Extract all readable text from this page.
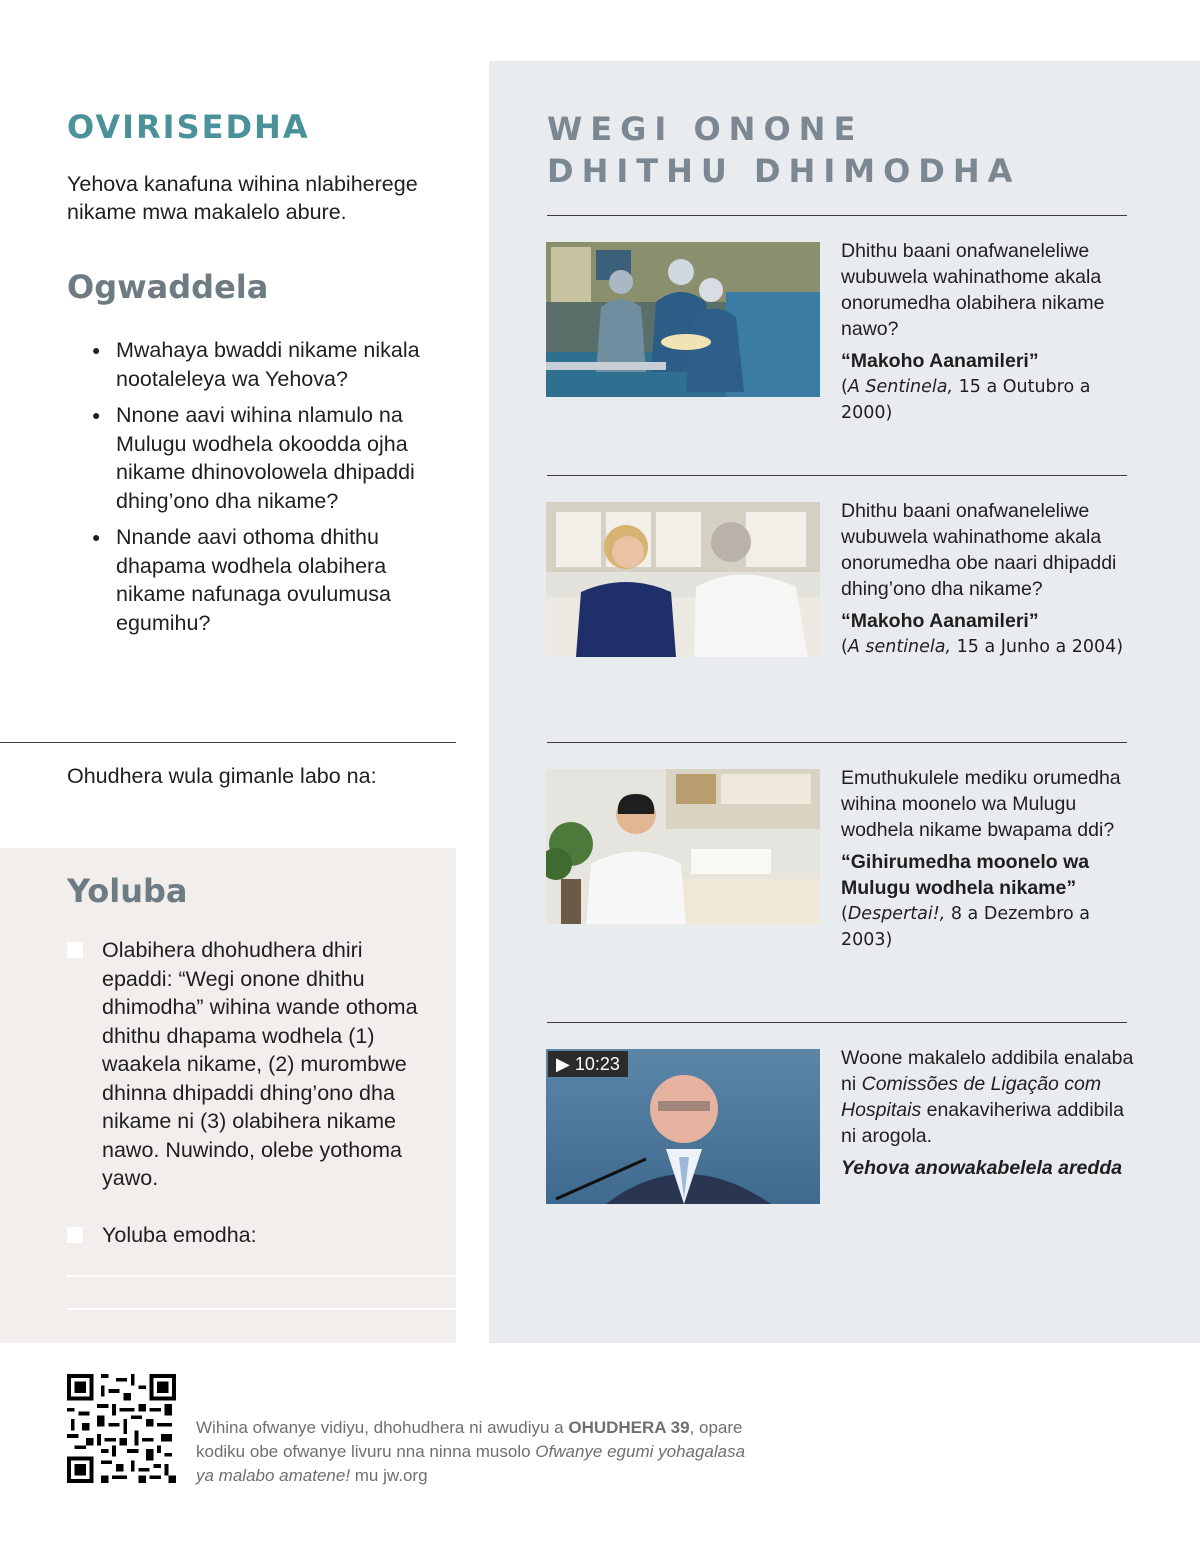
WEGI ONONE
DHITHU DHIMODHA
Dhithu baani onafwaneleliwe wubuwela wahinathome akala onorumedha olabihera nikame nawo?
“Makoho Aanamileri”
(A Sentinela, 15 a Outubro a 2000)
Dhithu baani onafwaneleliwe wubuwela wahinathome akala onorumedha obe naari dhipaddi dhing’ono dha nikame?
“Makoho Aanamileri”
(A sentinela, 15 a Junho a 2004)
Emuthukulele mediku orumedha wihina moonelo wa Mulugu wodhela nikame bwapama ddi?
“Gihirumedha moonelo wa Mulugu wodhela nikame”
(Despertai!, 8 a Dezembro a 2003)
▶ 10:23	Woone makalelo addibila enalaba ni Comissões de Ligação com Hospitais enakaviheriwa addibila ni arogola.
Yehova anowakabelela aredda
OVIRISEDHA

Yehova kanafuna wihina nlabiherege nikame mwa makalelo abure.

Ogwaddela
● Mwahaya bwaddi nikame nikala nootaleleya wa Yehova?
● Nnone aavi wihina nlamulo na Mulugu wodhela okoodda ojha nikame dhinovolowela dhipaddi dhing’ono dha nikame?
● Nnande aavi othoma dhithu dhapama wodhela olabihera nikame nafunaga ovulumusa egumihu?

Ohudhera wula gimanle labo na:

Yoluba
Olabihera dhohudhera dhiri epaddi: “Wegi onone dhithu dhimodha” wihina wande othoma dhithu dhapama wodhela (1) waakela nikame, (2) murombwe dhinna dhipaddi dhing’ono dha nikame ni (3) olabihera nikame nawo. Nuwindo, olebe yothoma yawo.
Yoluba emodha:

Wihina ofwanye vidiyu, dhohudhera ni awudiyu a OHUDHERA 39, opare kodiku obe ofwanye livuru nna ninna musolo Ofwanye egumi yohagalasa ya malabo amatene! mu jw.org
